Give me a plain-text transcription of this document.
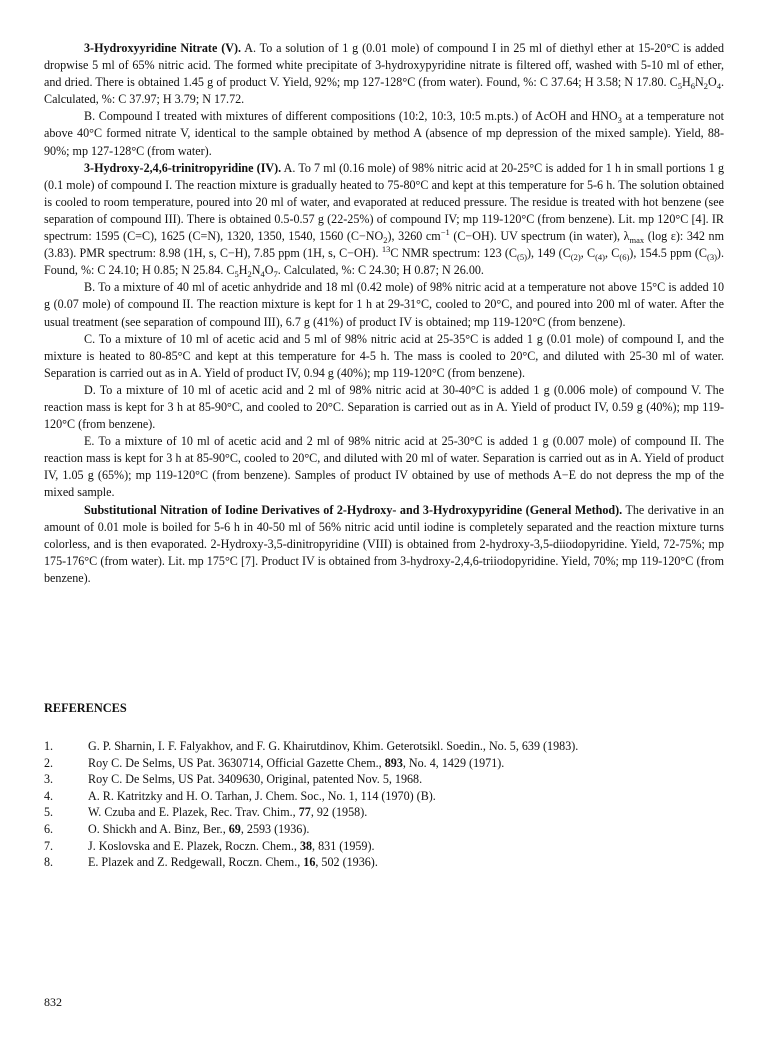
3-Hydroxyyridine Nitrate (V). A. To a solution of 1 g (0.01 mole) of compound I in 25 ml of diethyl ether at 15-20°C is added dropwise 5 ml of 65% nitric acid. The formed white precipitate of 3-hydroxypyridine nitrate is filtered off, washed with 5-10 ml of ether, and dried. There is obtained 1.45 g of product V. Yield, 92%; mp 127-128°C (from water). Found, %: C 37.64; H 3.58; N 17.80. $C_5H_6N_2O_4$. Calculated, %: C 37.97; H 3.79; N 17.72.

B. Compound I treated with mixtures of different compositions (10:2, 10:3, 10:5 m.pts.) of AcOH and $HNO_3$ at a temperature not above 40°C formed nitrate V, identical to the sample obtained by method A (absence of mp depression of the mixed sample). Yield, 88-90%; mp 127-128°C (from water).

3-Hydroxy-2,4,6-trinitropyridine (IV). A. To 7 ml (0.16 mole) of 98% nitric acid at 20-25°C is added for 1 h in small portions 1 g (0.1 mole) of compound I. The reaction mixture is gradually heated to 75-80°C and kept at this temperature for 5-6 h. The solution obtained is cooled to room temperature, poured into 20 ml of water, and evaporated at reduced pressure. The residue is treated with hot benzene (see separation of compound III). There is obtained 0.5-0.57 g (22-25%) of compound IV; mp 119-120°C (from benzene). Lit. mp 120°C [4]. IR spectrum: 1595 (C=C), 1625 (C=N), 1320, 1350, 1540, 1560 $(C-NO_2)$, 3260 $cm^{-1}$ (C−OH). UV spectrum (in water), $\lambda_{max}$ (log ε): 342 nm (3.83). PMR spectrum: 8.98 (1H, s, C−H), 7.85 ppm (1H, s, C−OH). $^{13}$C NMR spectrum: 123 $(C_{(5)})$, 149 ($C_{(2)}$, $C_{(4)}$, $C_{(6)}$), 154.5 ppm $(C_{(3)})$. Found, %: C 24.10; H 0.85; N 25.84. $C_5H_2N_4O_7$. Calculated, %: C 24.30; H 0.87; N 26.00.

B. To a mixture of 40 ml of acetic anhydride and 18 ml (0.42 mole) of 98% nitric acid at a temperature not above 15°C is added 10 g (0.07 mole) of compound II. The reaction mixture is kept for 1 h at 29-31°C, cooled to 20°C, and poured into 200 ml of water. After the usual treatment (see separation of compound III), 6.7 g (41%) of product IV is obtained; mp 119-120°C (from benzene).

C. To a mixture of 10 ml of acetic acid and 5 ml of 98% nitric acid at 25-35°C is added 1 g (0.01 mole) of compound I, and the mixture is heated to 80-85°C and kept at this temperature for 4-5 h. The mass is cooled to 20°C, and diluted with 25-30 ml of water. Separation is carried out as in A. Yield of product IV, 0.94 g (40%); mp 119-120°C (from benzene).

D. To a mixture of 10 ml of acetic acid and 2 ml of 98% nitric acid at 30-40°C is added 1 g (0.006 mole) of compound V. The reaction mass is kept for 3 h at 85-90°C, and cooled to 20°C. Separation is carried out as in A. Yield of product IV, 0.59 g (40%); mp 119-120°C (from benzene).

E. To a mixture of 10 ml of acetic acid and 2 ml of 98% nitric acid at 25-30°C is added 1 g (0.007 mole) of compound II. The reaction mass is kept for 3 h at 85-90°C, cooled to 20°C, and diluted with 20 ml of water. Separation is carried out as in A. Yield of product IV, 1.05 g (65%); mp 119-120°C (from benzene). Samples of product IV obtained by use of methods A−E do not depress the mp of the mixed sample.

Substitutional Nitration of Iodine Derivatives of 2-Hydroxy- and 3-Hydroxypyridine (General Method). The derivative in an amount of 0.01 mole is boiled for 5-6 h in 40-50 ml of 56% nitric acid until iodine is completely separated and the reaction mixture turns colorless, and is then evaporated. 2-Hydroxy-3,5-dinitropyridine (VIII) is obtained from 2-hydroxy-3,5-diiodopyridine. Yield, 72-75%; mp 175-176°C (from water). Lit. mp 175°C [7]. Product IV is obtained from 3-hydroxy-2,4,6-triiodopyridine. Yield, 70%; mp 119-120°C (from benzene).

REFERENCES
1.	G. P. Sharnin, I. F. Falyakhov, and F. G. Khairutdinov, Khim. Geterotsikl. Soedin., No. 5, 639 (1983).
2.	Roy C. De Selms, US Pat. 3630714, Official Gazette Chem., 893, No. 4, 1429 (1971).
3.	Roy C. De Selms, US Pat. 3409630, Original, patented Nov. 5, 1968.
4.	A. R. Katritzky and H. O. Tarhan, J. Chem. Soc., No. 1, 114 (1970) (B).
5.	W. Czuba and E. Plazek, Rec. Trav. Chim., 77, 92 (1958).
6.	O. Shickh and A. Binz, Ber., 69, 2593 (1936).
7.	J. Koslovska and E. Plazek, Roczn. Chem., 38, 831 (1959).
8.	E. Plazek and Z. Redgewall, Roczn. Chem., 16, 502 (1936).

832
